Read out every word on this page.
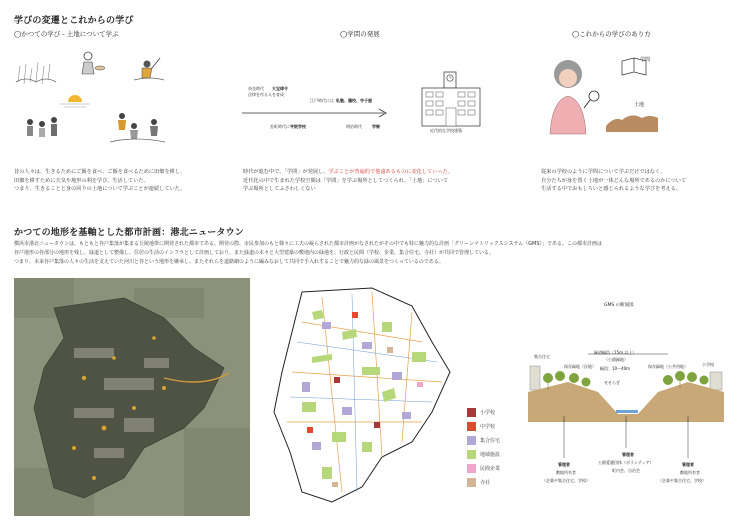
学びの変遷とこれからの学び
◯かつての学び - 土地について学ぶ
昔の人々は、生きるためにご飯を食べ、ご飯を食べるために田畑を耕し、
田畑を耕すために天気や地形の利を学び、生活していた。
つまり、生きることと身の回りの土地について学ぶことが連続していた。
◯学問の発展
奈良時代 大宝律令
法律を作る人を育成
江戸時代には 私塾、藩校、寺子屋
室町時代に 寺院学校	明治時代	学制
近代的な学校建築
時代が進む中で、「学問」が発展し、学ぶことが普遍的で他遠あるものに変化していった。
近代化の中で生まれた学校空間は「学問」を学ぶ場所としてつくられ、「土地」について
学ぶ場所としてふさわしくない
◯これからの学びのあり方
学問
土地
従来の学校のように学問について学ぶだけではなく、
自分たちが身を置く土地が一体どんな場所であるのかについて
生活する中でおもしろいと感じられるような学びを考える。
かつての地形を基軸とした都市計画：港北ニュータウン
横浜市港北ニュータウンは、もともと谷戸集落が集まる丘陵地帯に開発された都市である。開発の際、市民参加のもと様々に工夫の凝らされた都市計画がなされたがその中でも特に魅力的な計画「グリーンマトリックスシステム（GMS）」である。この都市計画は
谷戸地形の谷部分の地形を残し、緑道として整備し、住居の生活のインフラとして計画しており、また緑道の木々と大型建築の敷地内の緑地を、行政と民間（学校、企業、集合住宅、寺社）が共同で管理している。
つまり、本来谷戸集落の人々の生活を支えていた河川と谷という地形を継承し、またそれらを道路網のように編みなおして共同で手入れすることで魅力的な緑の風景をつくっているのである。
小学校
中学校
集合住宅
地域施設
民間企業
寺社
GMS の断面図
緑道幅員（15m 以上）
集合住宅
（公園緑地）
保存緑地（民地）	保存緑地（公共用地）	小学校
幅員：10～40m
せせらぎ
管理者
敷地所有者
（企業や集合住宅、学校）
管理者
公園愛護団体（ボランティア）
町内会、自治会
管理者
敷地所有者
（企業や集合住宅、学校）
